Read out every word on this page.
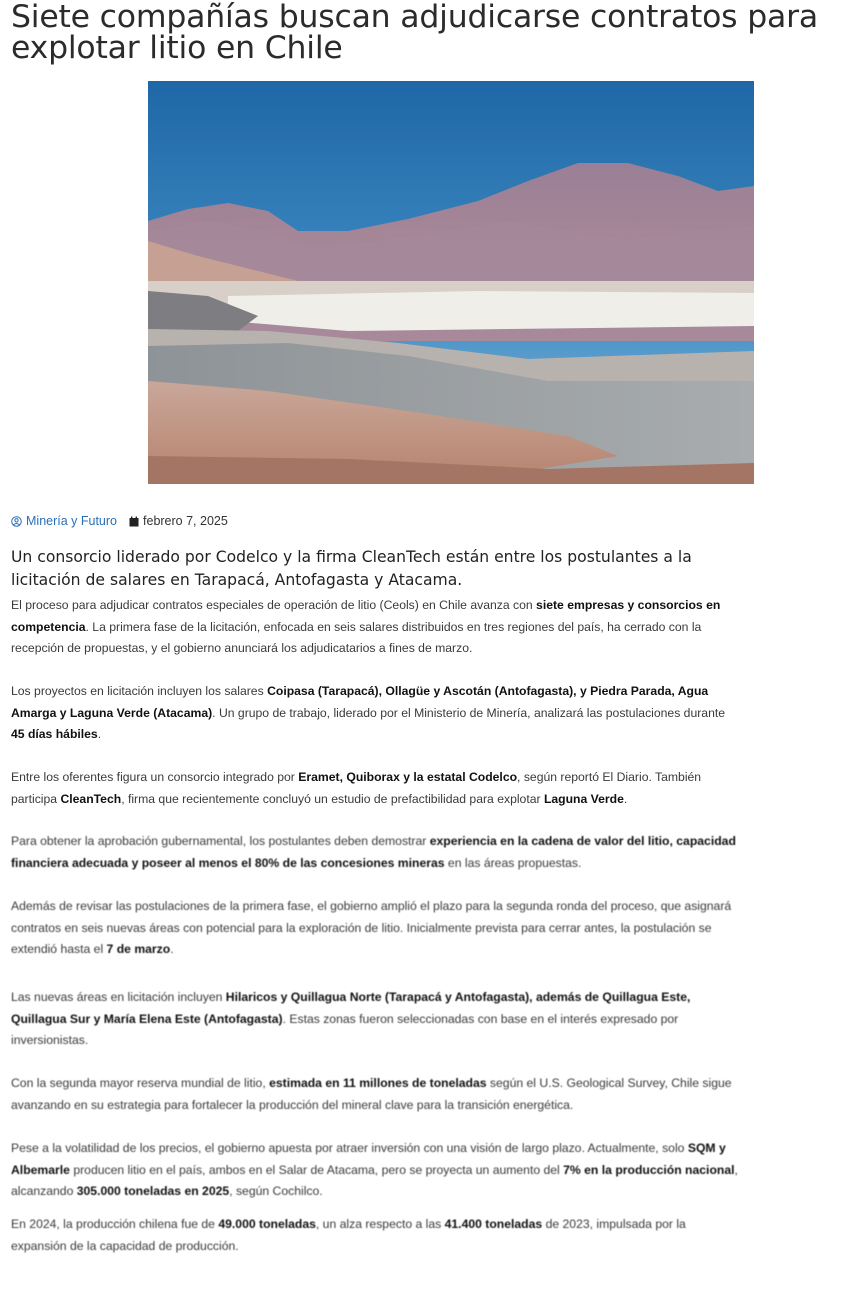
Siete compañías buscan adjudicarse contratos para explotar litio en Chile
Minería y Futuro febrero 7, 2025
Un consorcio liderado por Codelco y la firma CleanTech están entre los postulantes a la licitación de salares en Tarapacá, Antofagasta y Atacama.

El proceso para adjudicar contratos especiales de operación de litio (Ceols) en Chile avanza con siete empresas y consorcios en competencia. La primera fase de la licitación, enfocada en seis salares distribuidos en tres regiones del país, ha cerrado con la recepción de propuestas, y el gobierno anunciará los adjudicatarios a fines de marzo.

Los proyectos en licitación incluyen los salares Coipasa (Tarapacá), Ollagüe y Ascotán (Antofagasta), y Piedra Parada, Agua Amarga y Laguna Verde (Atacama). Un grupo de trabajo, liderado por el Ministerio de Minería, analizará las postulaciones durante 45 días hábiles.

Entre los oferentes figura un consorcio integrado por Eramet, Quiborax y la estatal Codelco, según reportó El Diario. También participa CleanTech, firma que recientemente concluyó un estudio de prefactibilidad para explotar Laguna Verde.

Para obtener la aprobación gubernamental, los postulantes deben demostrar experiencia en la cadena de valor del litio, capacidad financiera adecuada y poseer al menos el 80% de las concesiones mineras en las áreas propuestas.

Además de revisar las postulaciones de la primera fase, el gobierno amplió el plazo para la segunda ronda del proceso, que asignará contratos en seis nuevas áreas con potencial para la exploración de litio. Inicialmente prevista para cerrar antes, la postulación se extendió hasta el 7 de marzo.

Las nuevas áreas en licitación incluyen Hilaricos y Quillagua Norte (Tarapacá y Antofagasta), además de Quillagua Este, Quillagua Sur y María Elena Este (Antofagasta). Estas zonas fueron seleccionadas con base en el interés expresado por inversionistas.

Con la segunda mayor reserva mundial de litio, estimada en 11 millones de toneladas según el U.S. Geological Survey, Chile sigue avanzando en su estrategia para fortalecer la producción del mineral clave para la transición energética.

Pese a la volatilidad de los precios, el gobierno apuesta por atraer inversión con una visión de largo plazo. Actualmente, solo SQM y Albemarle producen litio en el país, ambos en el Salar de Atacama, pero se proyecta un aumento del 7% en la producción nacional, alcanzando 305.000 toneladas en 2025, según Cochilco.

En 2024, la producción chilena fue de 49.000 toneladas, un alza respecto a las 41.400 toneladas de 2023, impulsada por la expansión de la capacidad de producción.
